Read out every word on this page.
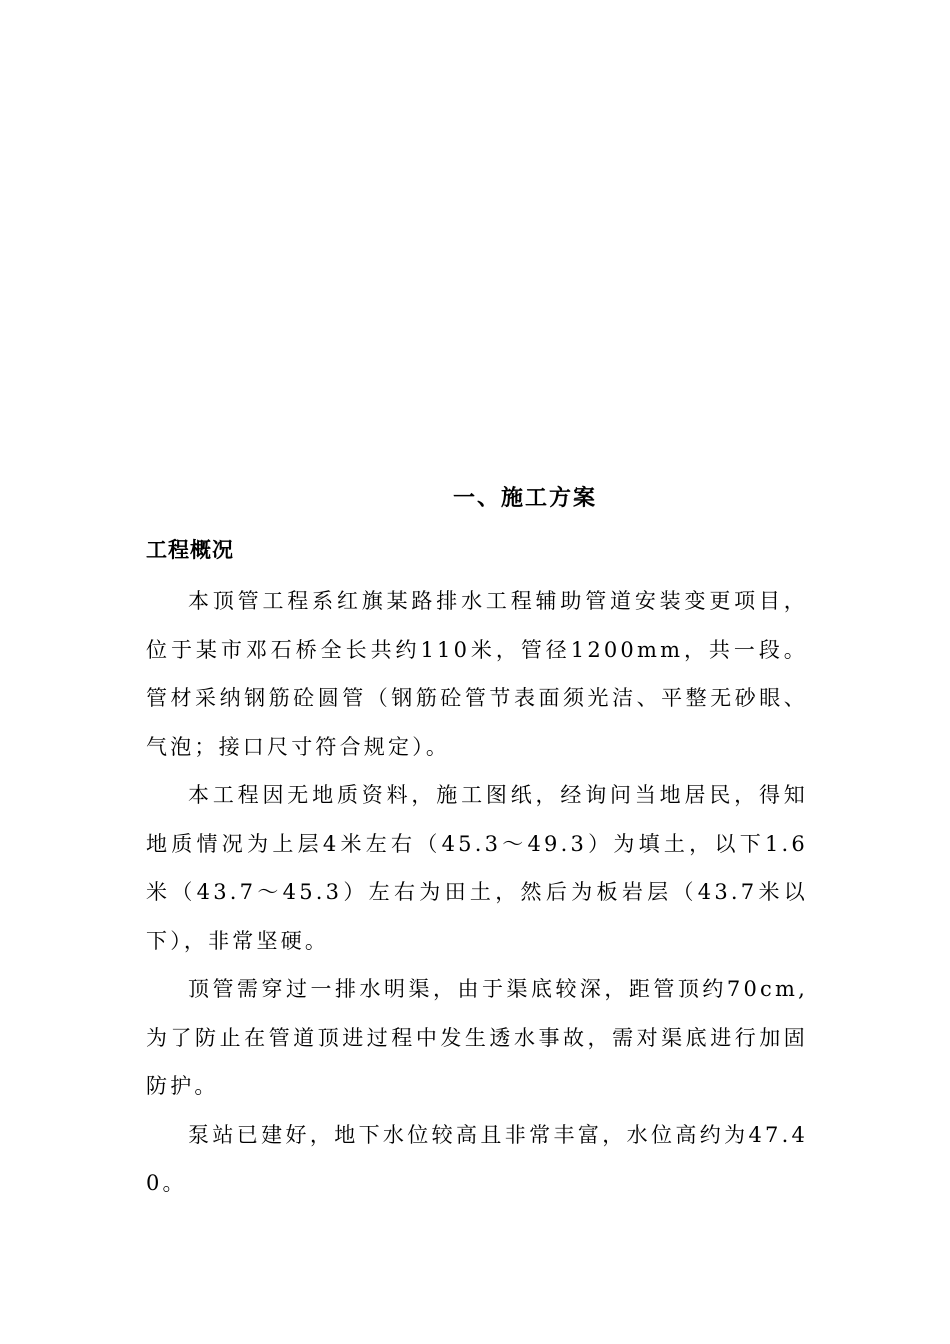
一、施工方案
工程概况

本顶管工程系红旗某路排水工程辅助管道安装变更项目，位于某市邓石桥全长共约110米，管径1200mm，共一段。管材采纳钢筋砼圆管（钢筋砼管节表面须光洁、平整无砂眼、气泡；接口尺寸符合规定）。

本工程因无地质资料，施工图纸，经询问当地居民，得知地质情况为上层4米左右（45.3～49.3）为填土，以下1.6米（43.7～45.3）左右为田土，然后为板岩层（43.7米以下），非常坚硬。

顶管需穿过一排水明渠，由于渠底较深，距管顶约70cm,为了防止在管道顶进过程中发生透水事故，需对渠底进行加固防护。

泵站已建好，地下水位较高且非常丰富，水位高约为47.40。
